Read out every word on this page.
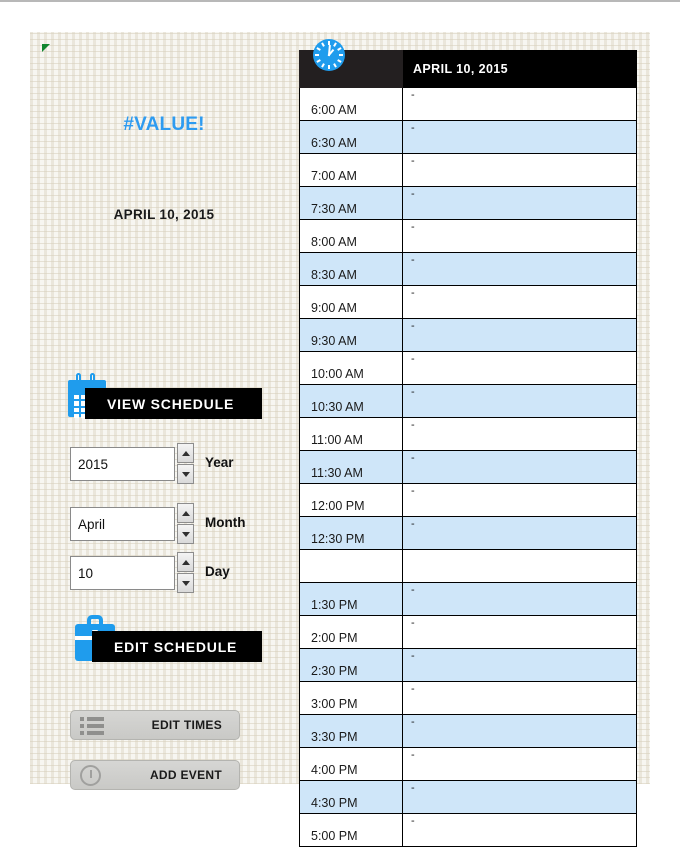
#VALUE!
APRIL 10, 2015
VIEW SCHEDULE
2015
Year
April
Month
10
Day
EDIT SCHEDULE
EDIT TIMES
ADD EVENT
	APRIL 10, 2015
6:00 AM	-
6:30 AM	-
7:00 AM	-
7:30 AM	-
8:00 AM	-
8:30 AM	-
9:00 AM	-
9:30 AM	-
10:00 AM	-
10:30 AM	-
11:00 AM	-
11:30 AM	-
12:00 PM	-
12:30 PM	-

1:30 PM	-
2:00 PM	-
2:30 PM	-
3:00 PM	-
3:30 PM	-
4:00 PM	-
4:30 PM	-
5:00 PM	-
